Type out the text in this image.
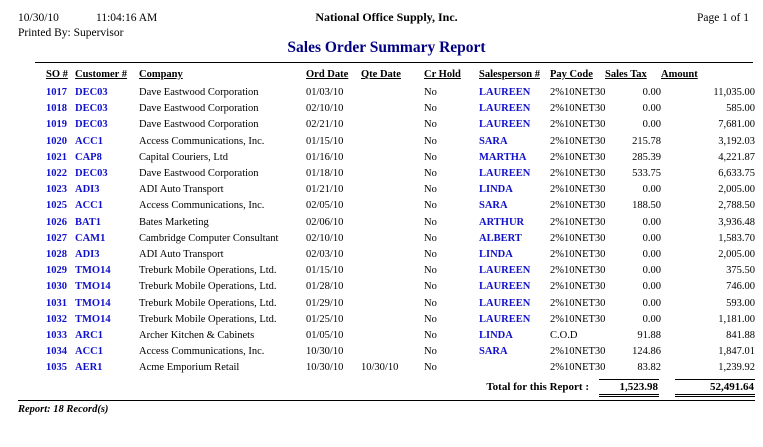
10/30/10	11:04:16 AM	National Office Supply, Inc.	Page 1 of 1
Printed By: Supervisor
Sales Order Summary Report
SO #	Customer #	Company	Ord Date	Qte Date	Cr Hold	Salesperson #	Pay Code	Sales Tax	Amount
1017	DEC03	Dave Eastwood Corporation	01/03/10		No	LAUREEN	2%10NET30	0.00	11,035.00
1018	DEC03	Dave Eastwood Corporation	02/10/10		No	LAUREEN	2%10NET30	0.00	585.00
1019	DEC03	Dave Eastwood Corporation	02/21/10		No	LAUREEN	2%10NET30	0.00	7,681.00
1020	ACC1	Access Communications, Inc.	01/15/10		No	SARA	2%10NET30	215.78	3,192.03
1021	CAP8	Capital Couriers, Ltd	01/16/10		No	MARTHA	2%10NET30	285.39	4,221.87
1022	DEC03	Dave Eastwood Corporation	01/18/10		No	LAUREEN	2%10NET30	533.75	6,633.75
1023	ADI3	ADI Auto Transport	01/21/10		No	LINDA	2%10NET30	0.00	2,005.00
1025	ACC1	Access Communications, Inc.	02/05/10		No	SARA	2%10NET30	188.50	2,788.50
1026	BAT1	Bates Marketing	02/06/10		No	ARTHUR	2%10NET30	0.00	3,936.48
1027	CAM1	Cambridge Computer Consultant	02/10/10		No	ALBERT	2%10NET30	0.00	1,583.70
1028	ADI3	ADI Auto Transport	02/03/10		No	LINDA	2%10NET30	0.00	2,005.00
1029	TMO14	Treburk Mobile Operations, Ltd.	01/15/10		No	LAUREEN	2%10NET30	0.00	375.50
1030	TMO14	Treburk Mobile Operations, Ltd.	01/28/10		No	LAUREEN	2%10NET30	0.00	746.00
1031	TMO14	Treburk Mobile Operations, Ltd.	01/29/10		No	LAUREEN	2%10NET30	0.00	593.00
1032	TMO14	Treburk Mobile Operations, Ltd.	01/25/10		No	LAUREEN	2%10NET30	0.00	1,181.00
1033	ARC1	Archer Kitchen & Cabinets	01/05/10		No	LINDA	C.O.D	91.88	841.88
1034	ACC1	Access Communications, Inc.	10/30/10		No	SARA	2%10NET30	124.86	1,847.01
1035	AER1	Acme Emporium Retail	10/30/10	10/30/10	No		2%10NET30	83.82	1,239.92
Total for this Report :	1,523.98	52,491.64
Report: 18 Record(s)
